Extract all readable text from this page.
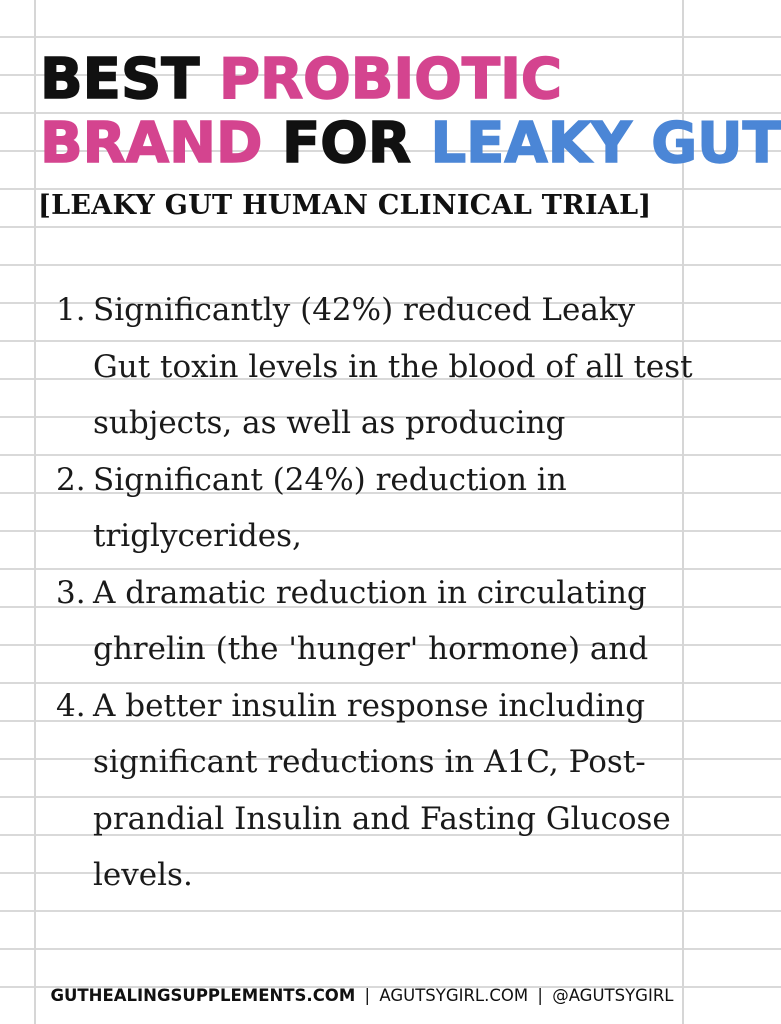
BEST PROBIOTIC
BRAND FOR LEAKY GUT
[LEAKY GUT HUMAN CLINICAL TRIAL]
1. Significantly (42%) reduced Leaky Gut toxin levels in the blood of all test subjects, as well as producing
2. Significant (24%) reduction in triglycerides,
3. A dramatic reduction in circulating ghrelin (the 'hunger' hormone) and
4. A better insulin response including significant reductions in A1C, Post-prandial Insulin and Fasting Glucose levels.
GUTHEALINGSUPPLEMENTS.COM | AGUTSYGIRL.COM | @AGUTSYGIRL
